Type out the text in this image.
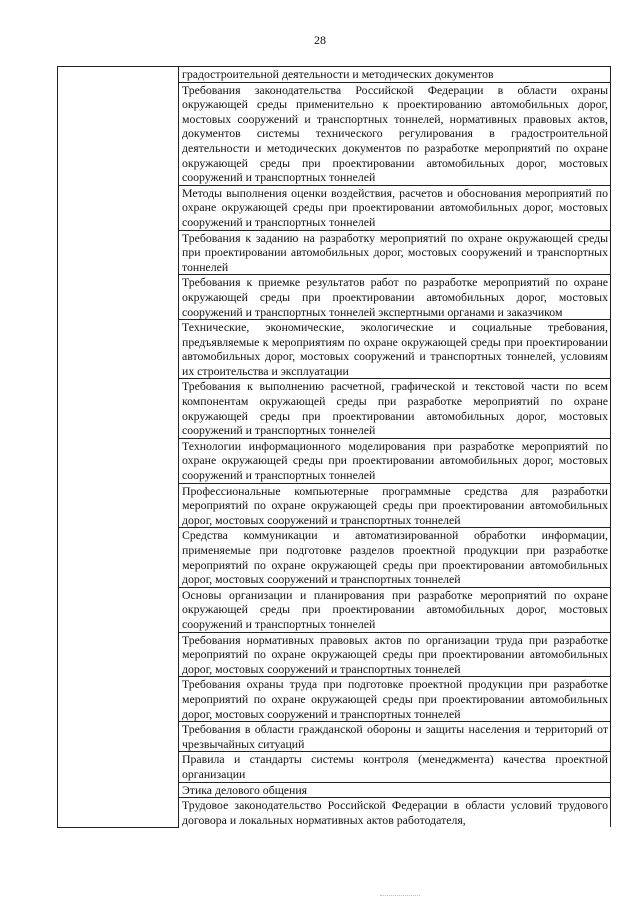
28
	градостроительной деятельности и методических документов
Требования законодательства Российской Федерации в области охраны окружающей среды применительно к проектированию автомобильных дорог, мостовых сооружений и транспортных тоннелей, нормативных правовых актов, документов системы технического регулирования в градостроительной деятельности и методических документов по разработке мероприятий по охране окружающей среды при проектировании автомобильных дорог, мостовых сооружений и транспортных тоннелей
Методы выполнения оценки воздействия, расчетов и обоснования мероприятий по охране окружающей среды при проектировании автомобильных дорог, мостовых сооружений и транспортных тоннелей
Требования к заданию на разработку мероприятий по охране окружающей среды при проектировании автомобильных дорог, мостовых сооружений и транспортных тоннелей
Требования к приемке результатов работ по разработке мероприятий по охране окружающей среды при проектировании автомобильных дорог, мостовых сооружений и транспортных тоннелей экспертными органами и заказчиком
Технические, экономические, экологические и социальные требования, предъявляемые к мероприятиям по охране окружающей среды при проектировании автомобильных дорог, мостовых сооружений и транспортных тоннелей, условиям их строительства и эксплуатации
Требования к выполнению расчетной, графической и текстовой части по всем компонентам окружающей среды при разработке мероприятий по охране окружающей среды при проектировании автомобильных дорог, мостовых сооружений и транспортных тоннелей
Технологии информационного моделирования при разработке мероприятий по охране окружающей среды при проектировании автомобильных дорог, мостовых сооружений и транспортных тоннелей
Профессиональные компьютерные программные средства для разработки мероприятий по охране окружающей среды при проектировании автомобильных дорог, мостовых сооружений и транспортных тоннелей
Средства коммуникации и автоматизированной обработки информации, применяемые при подготовке разделов проектной продукции при разработке мероприятий по охране окружающей среды при проектировании автомобильных дорог, мостовых сооружений и транспортных тоннелей
Основы организации и планирования при разработке мероприятий по охране окружающей среды при проектировании автомобильных дорог, мостовых сооружений и транспортных тоннелей
Требования нормативных правовых актов по организации труда при разработке мероприятий по охране окружающей среды при проектировании автомобильных дорог, мостовых сооружений и транспортных тоннелей
Требования охраны труда при подготовке проектной продукции при разработке мероприятий по охране окружающей среды при проектировании автомобильных дорог, мостовых сооружений и транспортных тоннелей
Требования в области гражданской обороны и защиты населения и территорий от чрезвычайных ситуаций
Правила и стандарты системы контроля (менеджмента) качества проектной организации
Этика делового общения
Трудовое законодательство Российской Федерации в области условий трудового договора и локальных нормативных актов работодателя,
